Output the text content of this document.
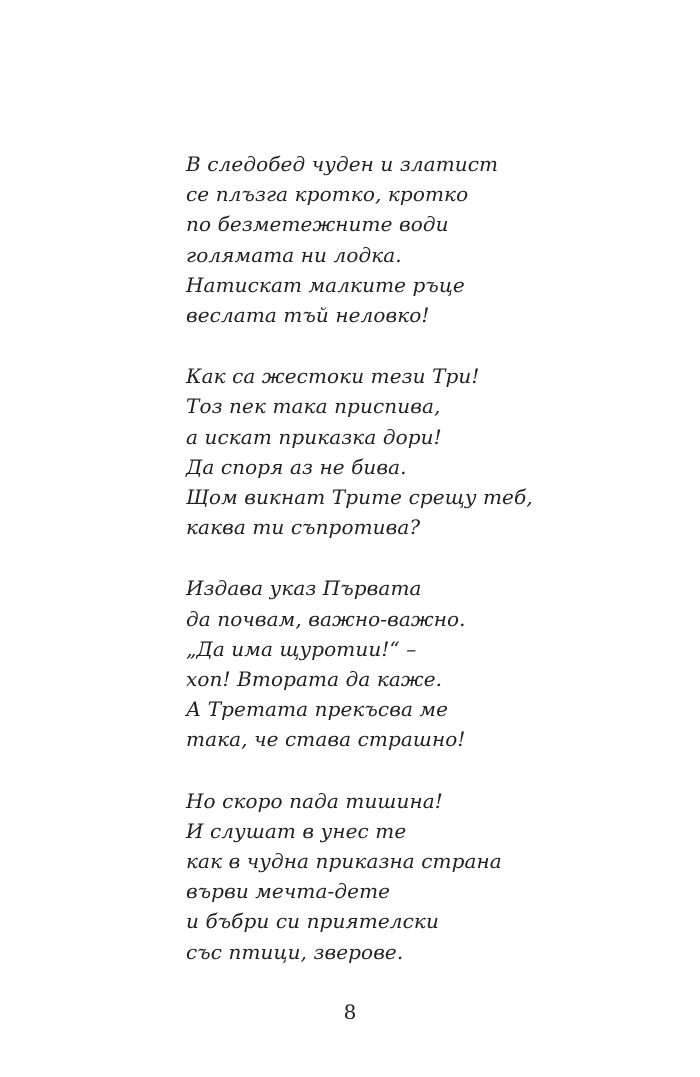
В следобед чуден и златист
се плъзга кротко, кротко
по безметежните води
голямата ни лодка.
Натискат малките ръце
веслата тъй неловко!
Как са жестоки тези Три!
Тоз пек така приспива,
а искат приказка дори!
Да споря аз не бива.
Щом викнат Трите срещу теб,
каква ти съпротива?
Издава указ Първата
да почвам, важно-важно.
„Да има щуротии!“ –
хоп! Втората да каже.
А Третата прекъсва ме
така, че става страшно!
Но скоро пада тишина!
И слушат в унес те
как в чудна приказна страна
върви мечта-дете
и бъбри си приятелски
със птици, зверове.
8
